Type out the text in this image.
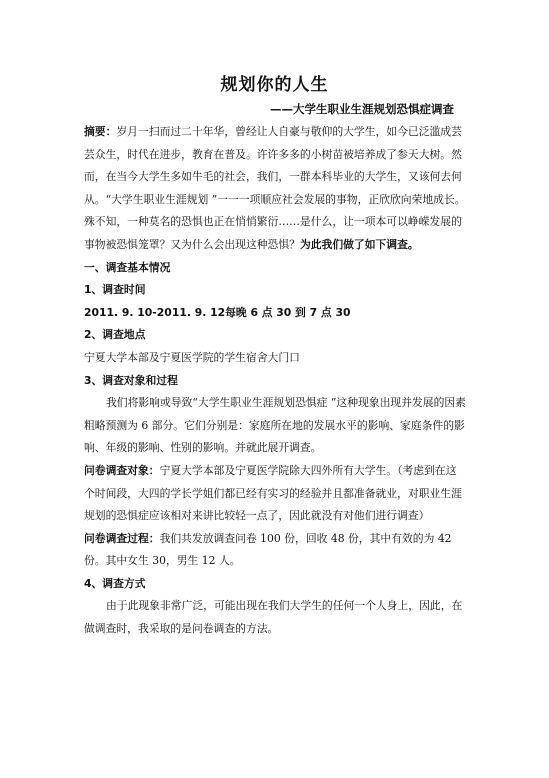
规划你的人生
——大学生职业生涯规划恐惧症调查

摘要：岁月一扫而过二十年华，曾经让人自豪与敬仰的大学生，如今已泛滥成芸芸众生，时代在进步，教育在普及。许许多多的小树苗被培养成了参天大树。然而，在当今大学生多如牛毛的社会，我们，一群本科毕业的大学生，又该何去何从。“大学生职业生涯规划 ”一一一项顺应社会发展的事物，正欣欣向荣地成长。殊不知，一种莫名的恐惧也正在悄悄繁衍……是什么，让一项本可以峥嵘发展的事物被恐惧笼罩？又为什么会出现这种恐惧？为此我们做了如下调查。

一、调查基本情况

1、调查时间

2011. 9. 10-2011. 9. 12每晚 6 点 30 到 7 点 30

2、调查地点

宁夏大学本部及宁夏医学院的学生宿舍大门口

3、调查对象和过程

我们将影响或导致“大学生职业生涯规划恐惧症 ”这种现象出现并发展的因素粗略预测为 6 部分。它们分别是：家庭所在地的发展水平的影响、家庭条件的影响、年级的影响、性别的影响。并就此展开调查。

问卷调查对象：宁夏大学本部及宁夏医学院除大四外所有大学生。（考虑到在这个时间段，大四的学长学姐们都已经有实习的经验并且都准备就业，对职业生涯规划的恐惧症应该相对来讲比较轻一点了，因此就没有对他们进行调查）

问卷调查过程：我们共发放调查问卷 100 份，回收 48 份，其中有效的为 42 份。其中女生 30，男生 12 人。

4、调查方式

由于此现象非常广泛，可能出现在我们大学生的任何一个人身上，因此，在做调查时，我采取的是问卷调查的方法。
